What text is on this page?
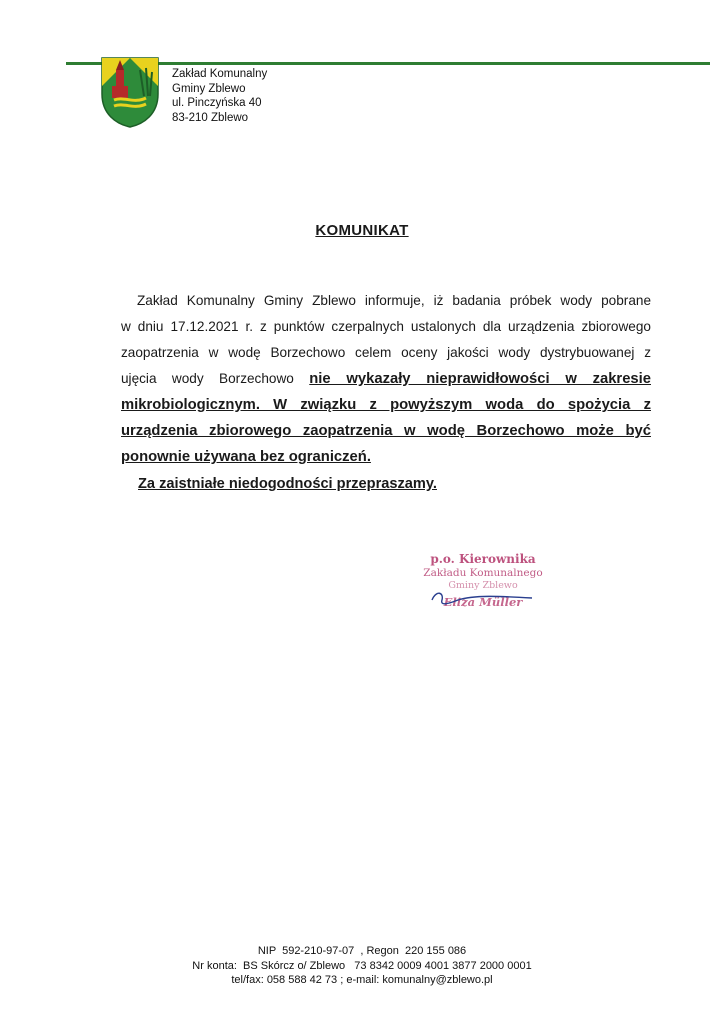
Zakład Komunalny
Gminy Zblewo
ul. Pinczyńska 40
83-210 Zblewo
KOMUNIKAT
Zakład Komunalny Gminy Zblewo informuje, iż badania próbek wody pobrane
w dniu 17.12.2021 r. z punktów czerpalnych ustalonych dla urządzenia zbiorowego
zaopatrzenia w wodę Borzechowo celem oceny jakości wody dystrybuowanej z
ujęcia wody Borzechowo nie wykazały nieprawidłowości w zakresie
mikrobiologicznym. W związku z powyższym woda do spożycia z
urządzenia zbiorowego zaopatrzenia w wodę Borzechowo może być
ponownie używana bez ograniczeń.
Za zaistniałe niedogodności przepraszamy.
p.o. Kierownika
Zakładu Komunalnego
Gminy Zblewo
Eliza Müller
NIP  592-210-97-07  , Regon  220 155 086
Nr konta:  BS Skórcz o/ Zblewo   73 8342 0009 4001 3877 2000 0001
tel/fax: 058 588 42 73 ; e-mail: komunalny@zblewo.pl
